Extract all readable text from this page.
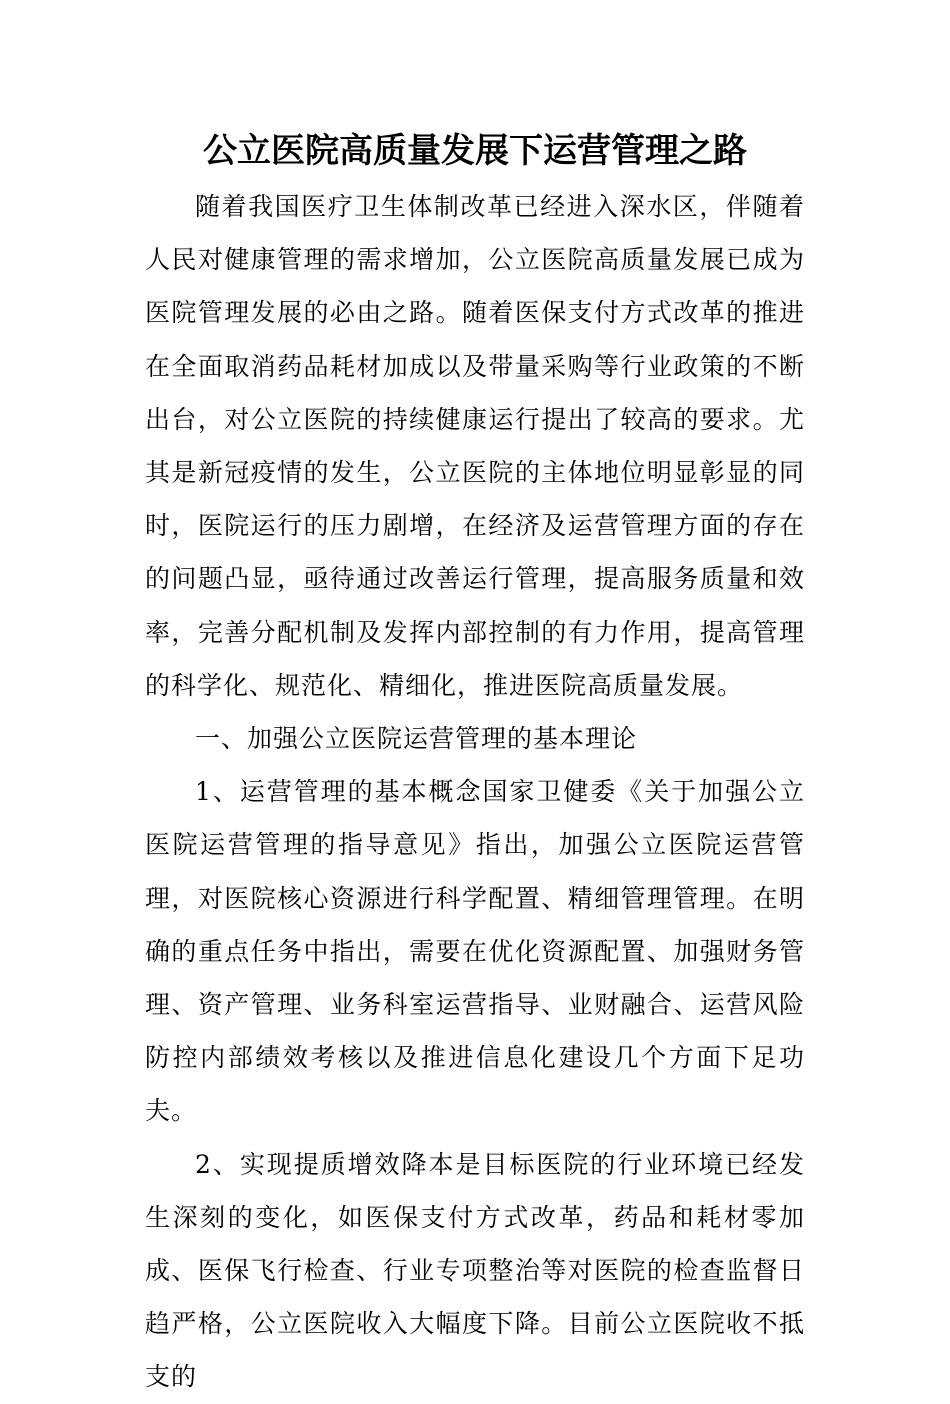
公立医院高质量发展下运营管理之路

随着我国医疗卫生体制改革已经进入深水区，伴随着人民对健康管理的需求增加，公立医院高质量发展已成为医院管理发展的必由之路。随着医保支付方式改革的推进在全面取消药品耗材加成以及带量采购等行业政策的不断出台，对公立医院的持续健康运行提出了较高的要求。尤其是新冠疫情的发生，公立医院的主体地位明显彰显的同时，医院运行的压力剧增，在经济及运营管理方面的存在的问题凸显，亟待通过改善运行管理，提高服务质量和效率，完善分配机制及发挥内部控制的有力作用，提高管理的科学化、规范化、精细化，推进医院高质量发展。

一、加强公立医院运营管理的基本理论

1、运营管理的基本概念国家卫健委《关于加强公立医院运营管理的指导意见》指出，加强公立医院运营管理，对医院核心资源进行科学配置、精细管理管理。在明确的重点任务中指出，需要在优化资源配置、加强财务管理、资产管理、业务科室运营指导、业财融合、运营风险防控内部绩效考核以及推进信息化建设几个方面下足功夫。

2、实现提质增效降本是目标医院的行业环境已经发生深刻的变化，如医保支付方式改革，药品和耗材零加成、医保飞行检查、行业专项整治等对医院的检查监督日趋严格，公立医院收入大幅度下降。目前公立医院收不抵支的
